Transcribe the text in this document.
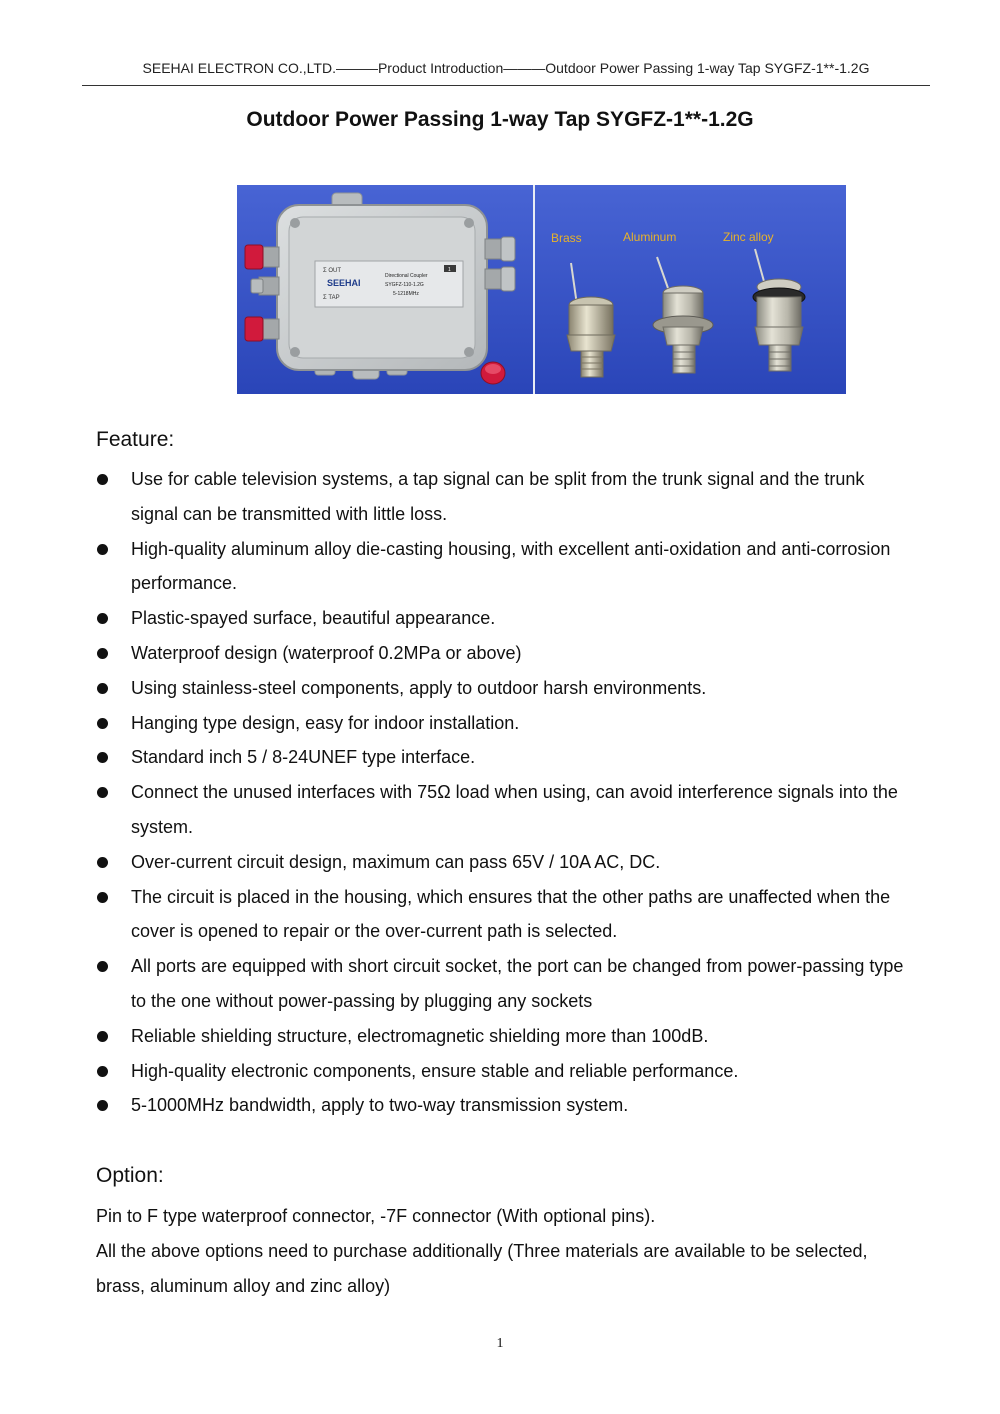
SEEHAI ELECTRON CO.,LTD.———Product Introduction———Outdoor Power Passing 1-way Tap SYGFZ-1**-1.2G
Outdoor Power Passing 1-way Tap SYGFZ-1**-1.2G
Σ OUT
Σ TAP
SEEHAI
Directional Coupler
SYGFZ-110-1.2G
5-1218MHz
1
Brass	Aluminum	Zinc alloy
Feature:
Use for cable television systems, a tap signal can be split from the trunk signal and the trunk signal can be transmitted with little loss.
High-quality aluminum alloy die-casting housing, with excellent anti-oxidation and anti-corrosion performance.
Plastic-spayed surface, beautiful appearance.
Waterproof design (waterproof 0.2MPa or above)
Using stainless-steel components, apply to outdoor harsh environments.
Hanging type design, easy for indoor installation.
Standard inch 5 / 8-24UNEF type interface.
Connect the unused interfaces with 75Ω load when using, can avoid interference signals into the system.
Over-current circuit design, maximum can pass 65V / 10A AC, DC.
The circuit is placed in the housing, which ensures that the other paths are unaffected when the cover is opened to repair or the over-current path is selected.
All ports are equipped with short circuit socket, the port can be changed from power-passing type to the one without power-passing by plugging any sockets
Reliable shielding structure, electromagnetic shielding more than 100dB.
High-quality electronic components, ensure stable and reliable performance.
5-1000MHz bandwidth, apply to two-way transmission system.
Option:

Pin to F type waterproof connector, -7F connector (With optional pins).

All the above options need to purchase additionally (Three materials are available to be selected, brass, aluminum alloy and zinc alloy)

1
